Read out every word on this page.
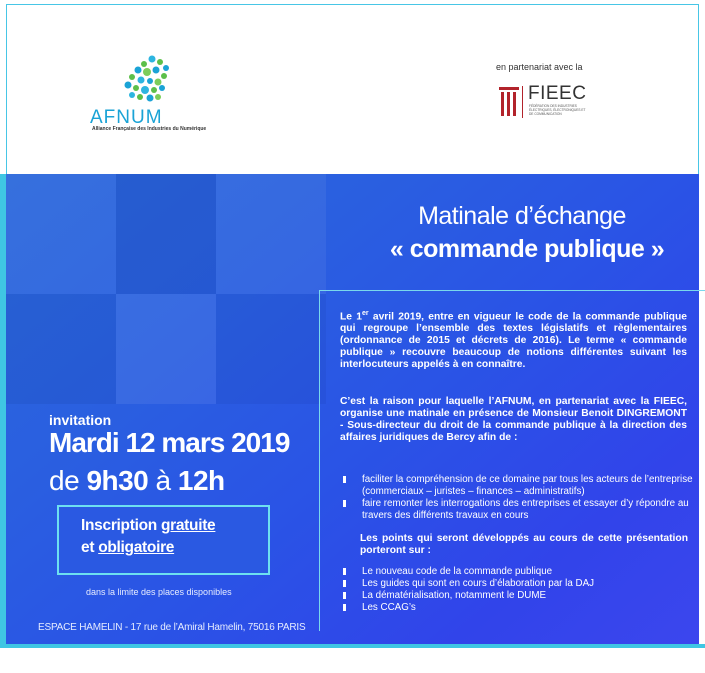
AFNUM
Alliance Française des Industries du Numérique
en partenariat avec la
FIEEC
FÉDÉRATION DES INDUSTRIES ÉLECTRIQUES, ÉLECTRONIQUES ET DE COMMUNICATION
Matinale d’échange
« commande publique »
Le 1er avril 2019, entre en vigueur le code de la commande publique qui regroupe l’ensemble des textes législatifs et règlementaires (ordonnance de 2015 et décrets de 2016). Le terme « commande publique » recouvre beaucoup de notions différentes suivant les interlocuteurs appelés à en connaître.
C’est la raison pour laquelle l’AFNUM, en partenariat avec la FIEEC, organise une matinale en présence de Monsieur Benoit DINGREMONT - Sous-directeur du droit de la commande publique à la direction des affaires juridiques de Bercy afin de :
faciliter la compréhension de ce domaine par tous les acteurs de l’entreprise (commerciaux – juristes – finances – administratifs)
faire remonter les interrogations des entreprises et essayer d’y répondre au travers des différents travaux en cours
Les points qui seront développés au cours de cette présentation porteront sur :
Le nouveau code de la commande publique
Les guides qui sont en cours d’élaboration par la DAJ
La dématérialisation, notamment le DUME
Les CCAG’s
invitation
Mardi 12 mars 2019
de 9h30 à 12h
Inscription gratuite
et obligatoire
dans la limite des places disponibles
ESPACE HAMELIN - 17 rue de l’Amiral Hamelin, 75016 PARIS
